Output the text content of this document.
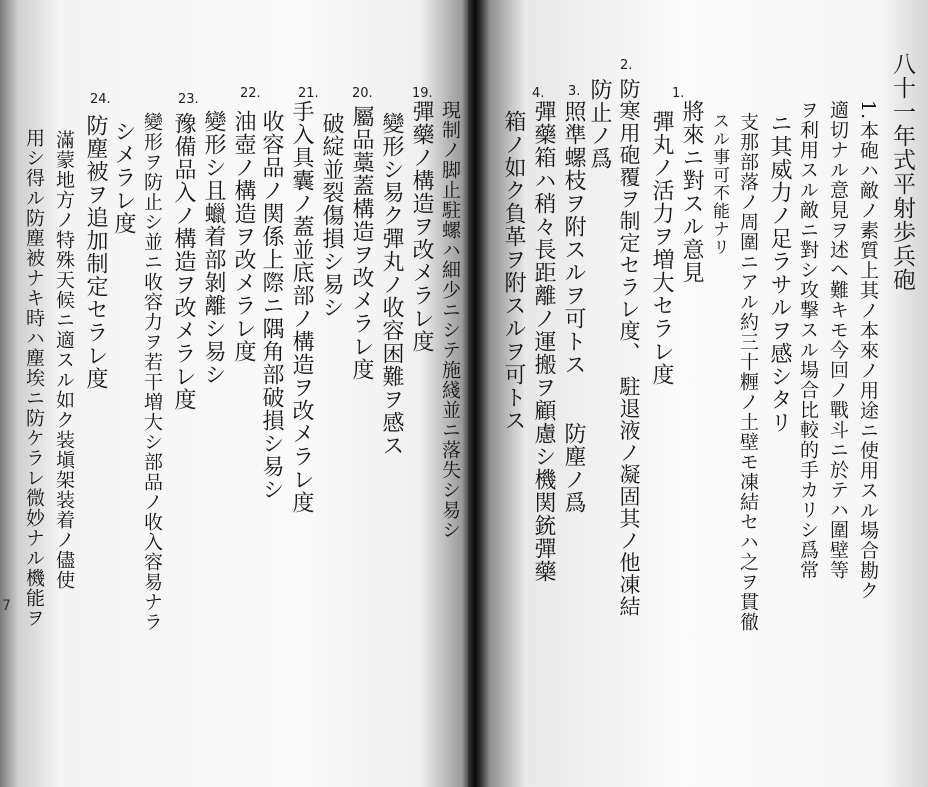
19.
彈藥ノ構造ヲ改メラレ度 現制ノ脚止駐螺ハ細少ニシテ施綫並ニ落失シ易シ
20.
變形シ易ク彈丸ノ收容困難ヲ感ス
屬品藁蓋構造ヲ改メラレ度
破綻並裂傷損シ易シ
21.
手入具囊ノ蓋並底部ノ構造ヲ改メラレ度
收容品ノ関係上際ニ隅角部破損シ易シ
22.
油壺ノ構造ヲ改メラレ度
變形シ且蠟着部剝離シ易シ
23.
豫備品入ノ構造ヲ改メラレ度
變形ヲ防止シ並ニ收容力ヲ若干増大シ部品ノ收入容易ナラ
シメラレ度
24.
防塵被ヲ追加制定セラレ度
滿蒙地方ノ特殊天候ニ適スル如ク装塡架装着ノ儘使
用シ得ル防塵被ナキ時ハ塵埃ニ防ケラレ微妙ナル機能ヲ
7
八十一年式平射歩兵砲
1.本砲ハ敵ノ素質上其ノ本來ノ用途ニ使用スル場合勘ク
適切ナル意見ヲ述ヘ難キモ今回ノ戰斗ニ於テハ圍壁等
ヲ利用スル敵ニ對シ攻撃スル場合比較的手カリシ爲常
ニ其威力ノ足ラサルヲ感シタリ
支那部落ノ周圍ニアル約三十糎ノ土壁モ凍結セハ之ヲ貫徹
スル事可不能ナリ
將來ニ對スル意見
1.
彈丸ノ活力ヲ増大セラレ度
2.
防寒用砲覆ヲ制定セラレ度、　駐退液ノ凝固其ノ他凍結
防止ノ爲
3.
照準螺枝ヲ附スルヲ可トス　　防塵ノ爲
4.
彈藥箱ハ稍々長距離ノ運搬ヲ顧慮シ機関銃彈藥
箱ノ如ク負革ヲ附スルヲ可トス
